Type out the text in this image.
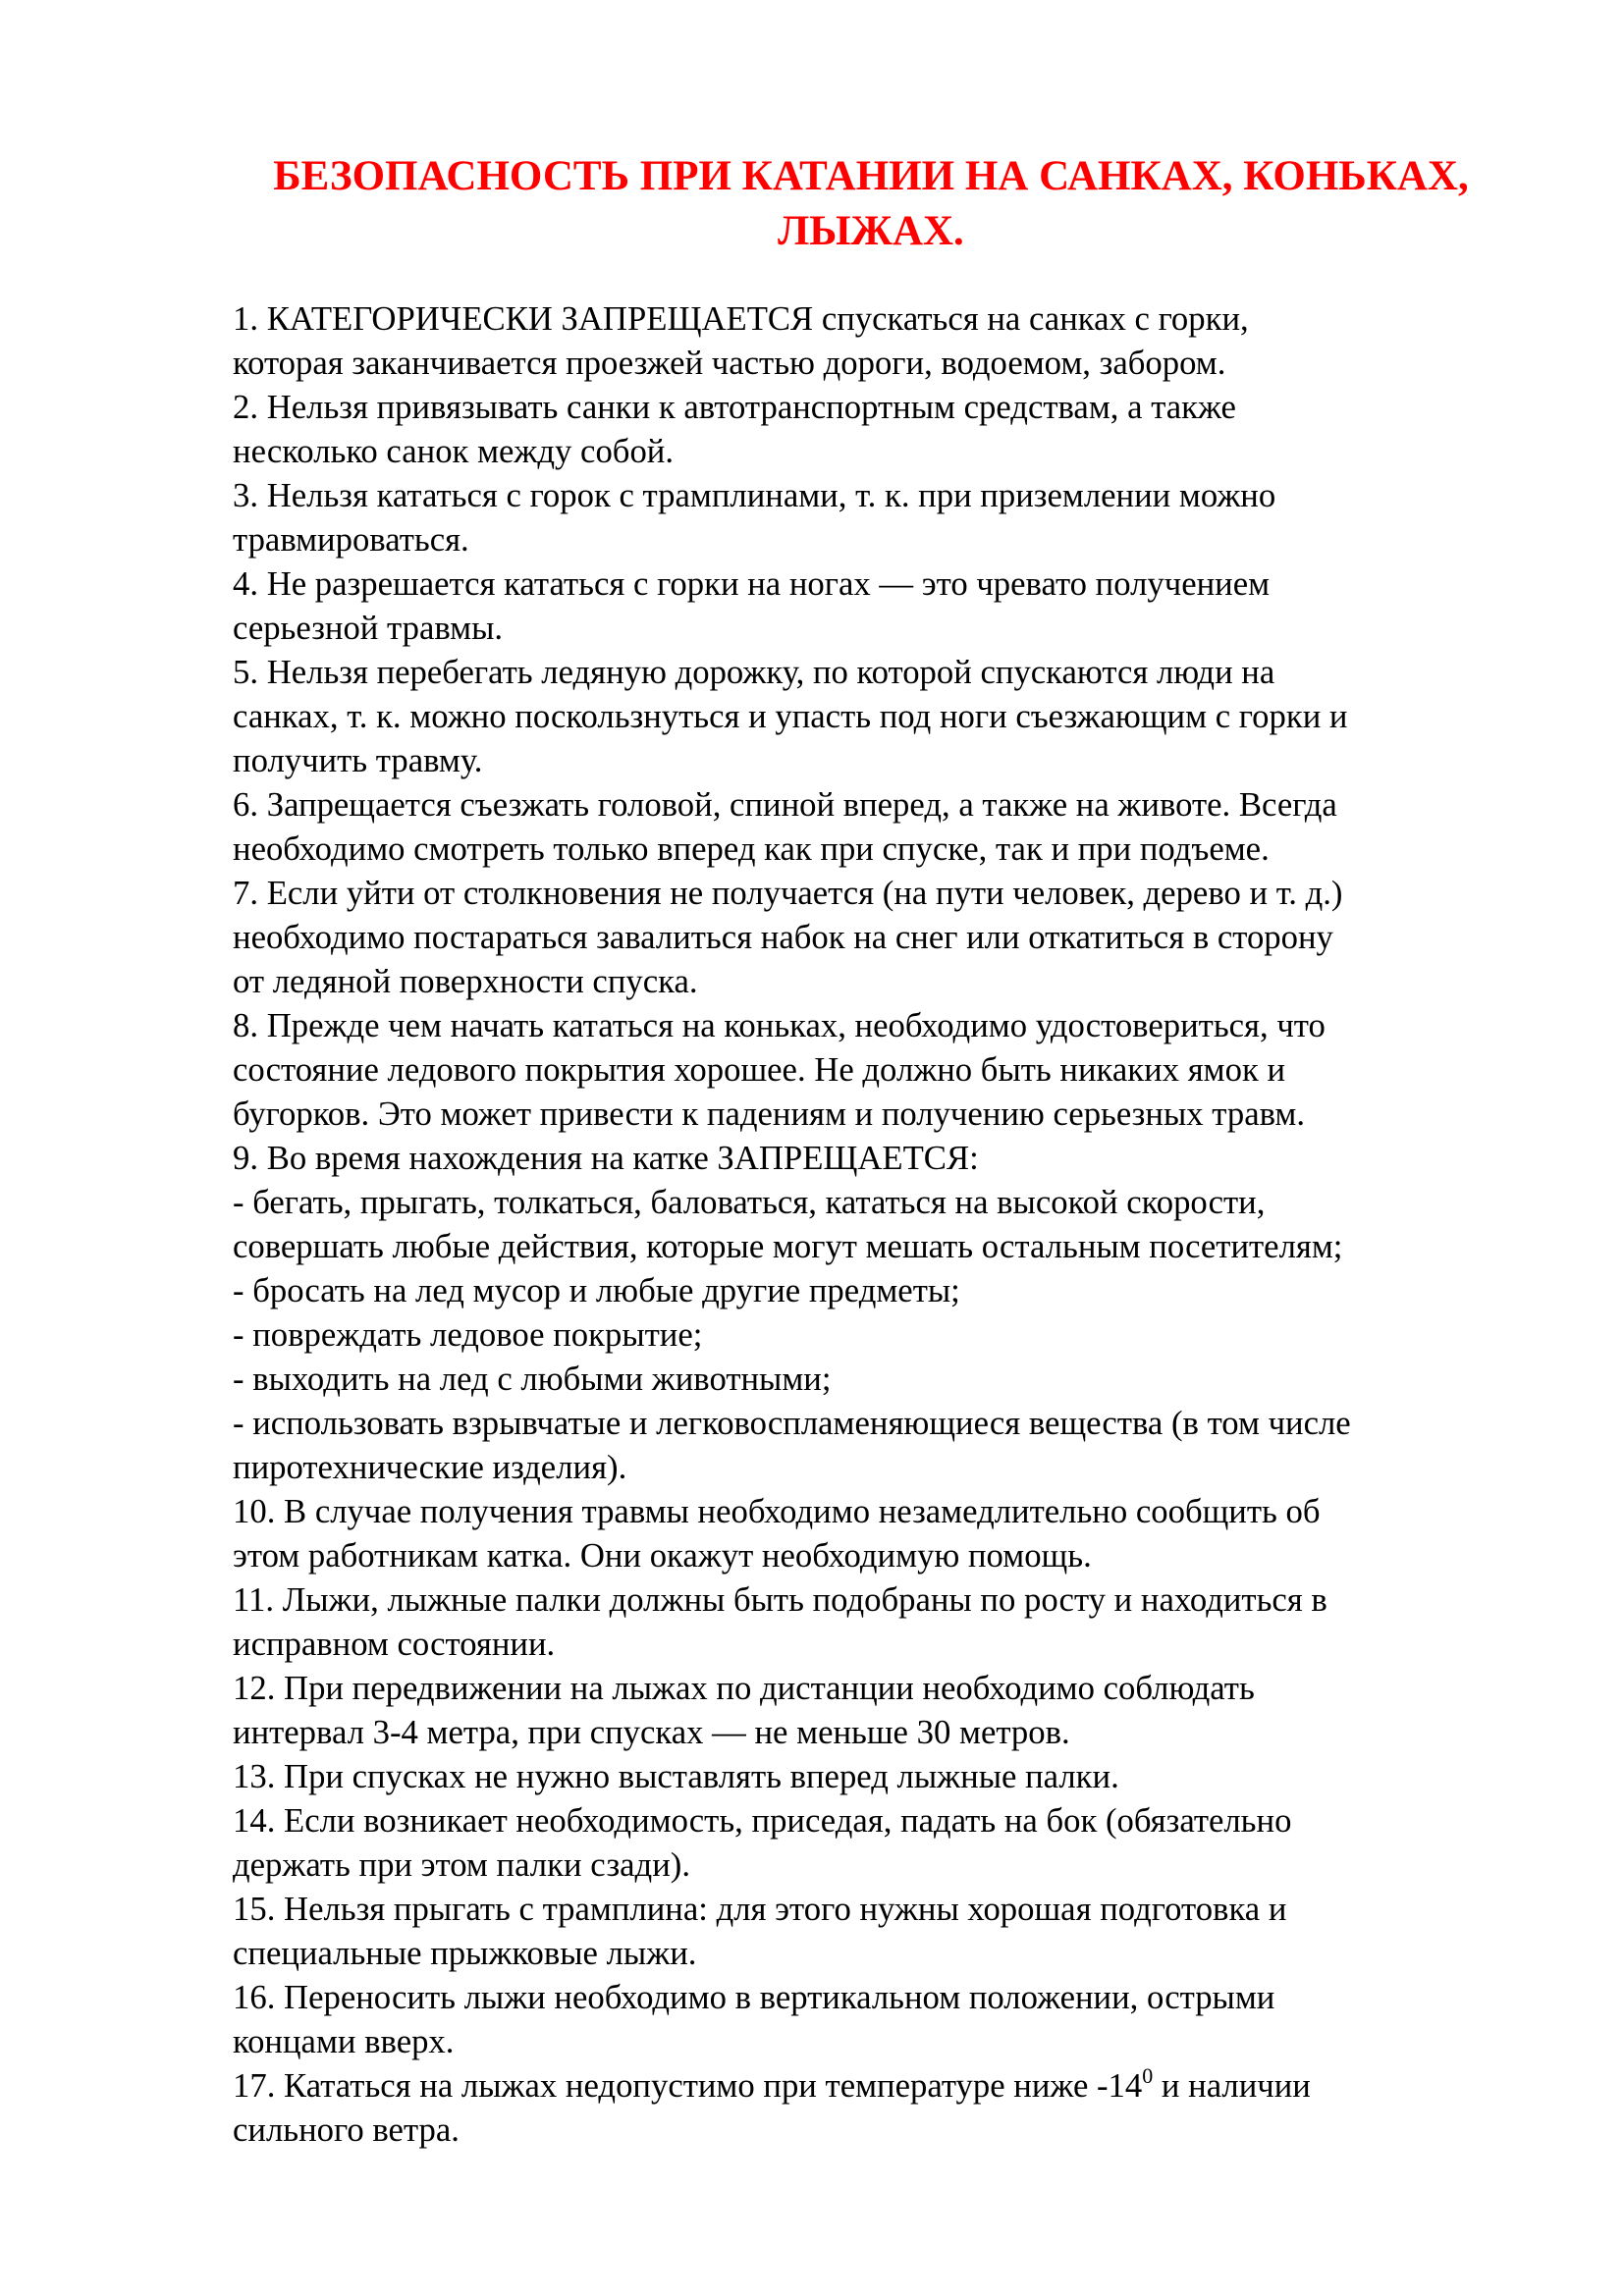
БЕЗОПАСНОСТЬ ПРИ КАТАНИИ НА САНКАХ, КОНЬКАХ,
ЛЫЖАХ.

1. КАТЕГОРИЧЕСКИ ЗАПРЕЩАЕТСЯ спускаться на санках с горки,
которая заканчивается проезжей частью дороги, водоемом, забором.

2. Нельзя привязывать санки к автотранспортным средствам, а также
несколько санок между собой.

3. Нельзя кататься с горок с трамплинами, т. к. при приземлении можно
травмироваться.

4. Не разрешается кататься с горки на ногах — это чревато получением
серьезной травмы.

5. Нельзя перебегать ледяную дорожку, по которой спускаются люди на
санках, т. к. можно поскользнуться и упасть под ноги съезжающим с горки и
получить травму.

6. Запрещается съезжать головой, спиной вперед, а также на животе. Всегда
необходимо смотреть только вперед как при спуске, так и при подъеме.

7. Если уйти от столкновения не получается (на пути человек, дерево и т. д.)
необходимо постараться завалиться набок на снег или откатиться в сторону
от ледяной поверхности спуска.

8. Прежде чем начать кататься на коньках, необходимо удостовериться, что
состояние ледового покрытия хорошее. Не должно быть никаких ямок и
бугорков. Это может привести к падениям и получению серьезных травм.

9. Во время нахождения на катке ЗАПРЕЩАЕТСЯ:

- бегать, прыгать, толкаться, баловаться, кататься на высокой скорости,
совершать любые действия, которые могут мешать остальным посетителям;

- бросать на лед мусор и любые другие предметы;

- повреждать ледовое покрытие;

- выходить на лед с любыми животными;

- использовать взрывчатые и легковоспламеняющиеся вещества (в том числе
пиротехнические изделия).

10. В случае получения травмы необходимо незамедлительно сообщить об
этом работникам катка. Они окажут необходимую помощь.

11. Лыжи, лыжные палки должны быть подобраны по росту и находиться в
исправном состоянии.

12. При передвижении на лыжах по дистанции необходимо соблюдать
интервал 3-4 метра, при спусках — не меньше 30 метров.

13. При спусках не нужно выставлять вперед лыжные палки.

14. Если возникает необходимость, приседая, падать на бок (обязательно
держать при этом палки сзади).

15. Нельзя прыгать с трамплина: для этого нужны хорошая подготовка и
специальные прыжковые лыжи.

16. Переносить лыжи необходимо в вертикальном положении, острыми
концами вверх.

17. Кататься на лыжах недопустимо при температуре ниже $-14^0$ и наличии
сильного ветра.
